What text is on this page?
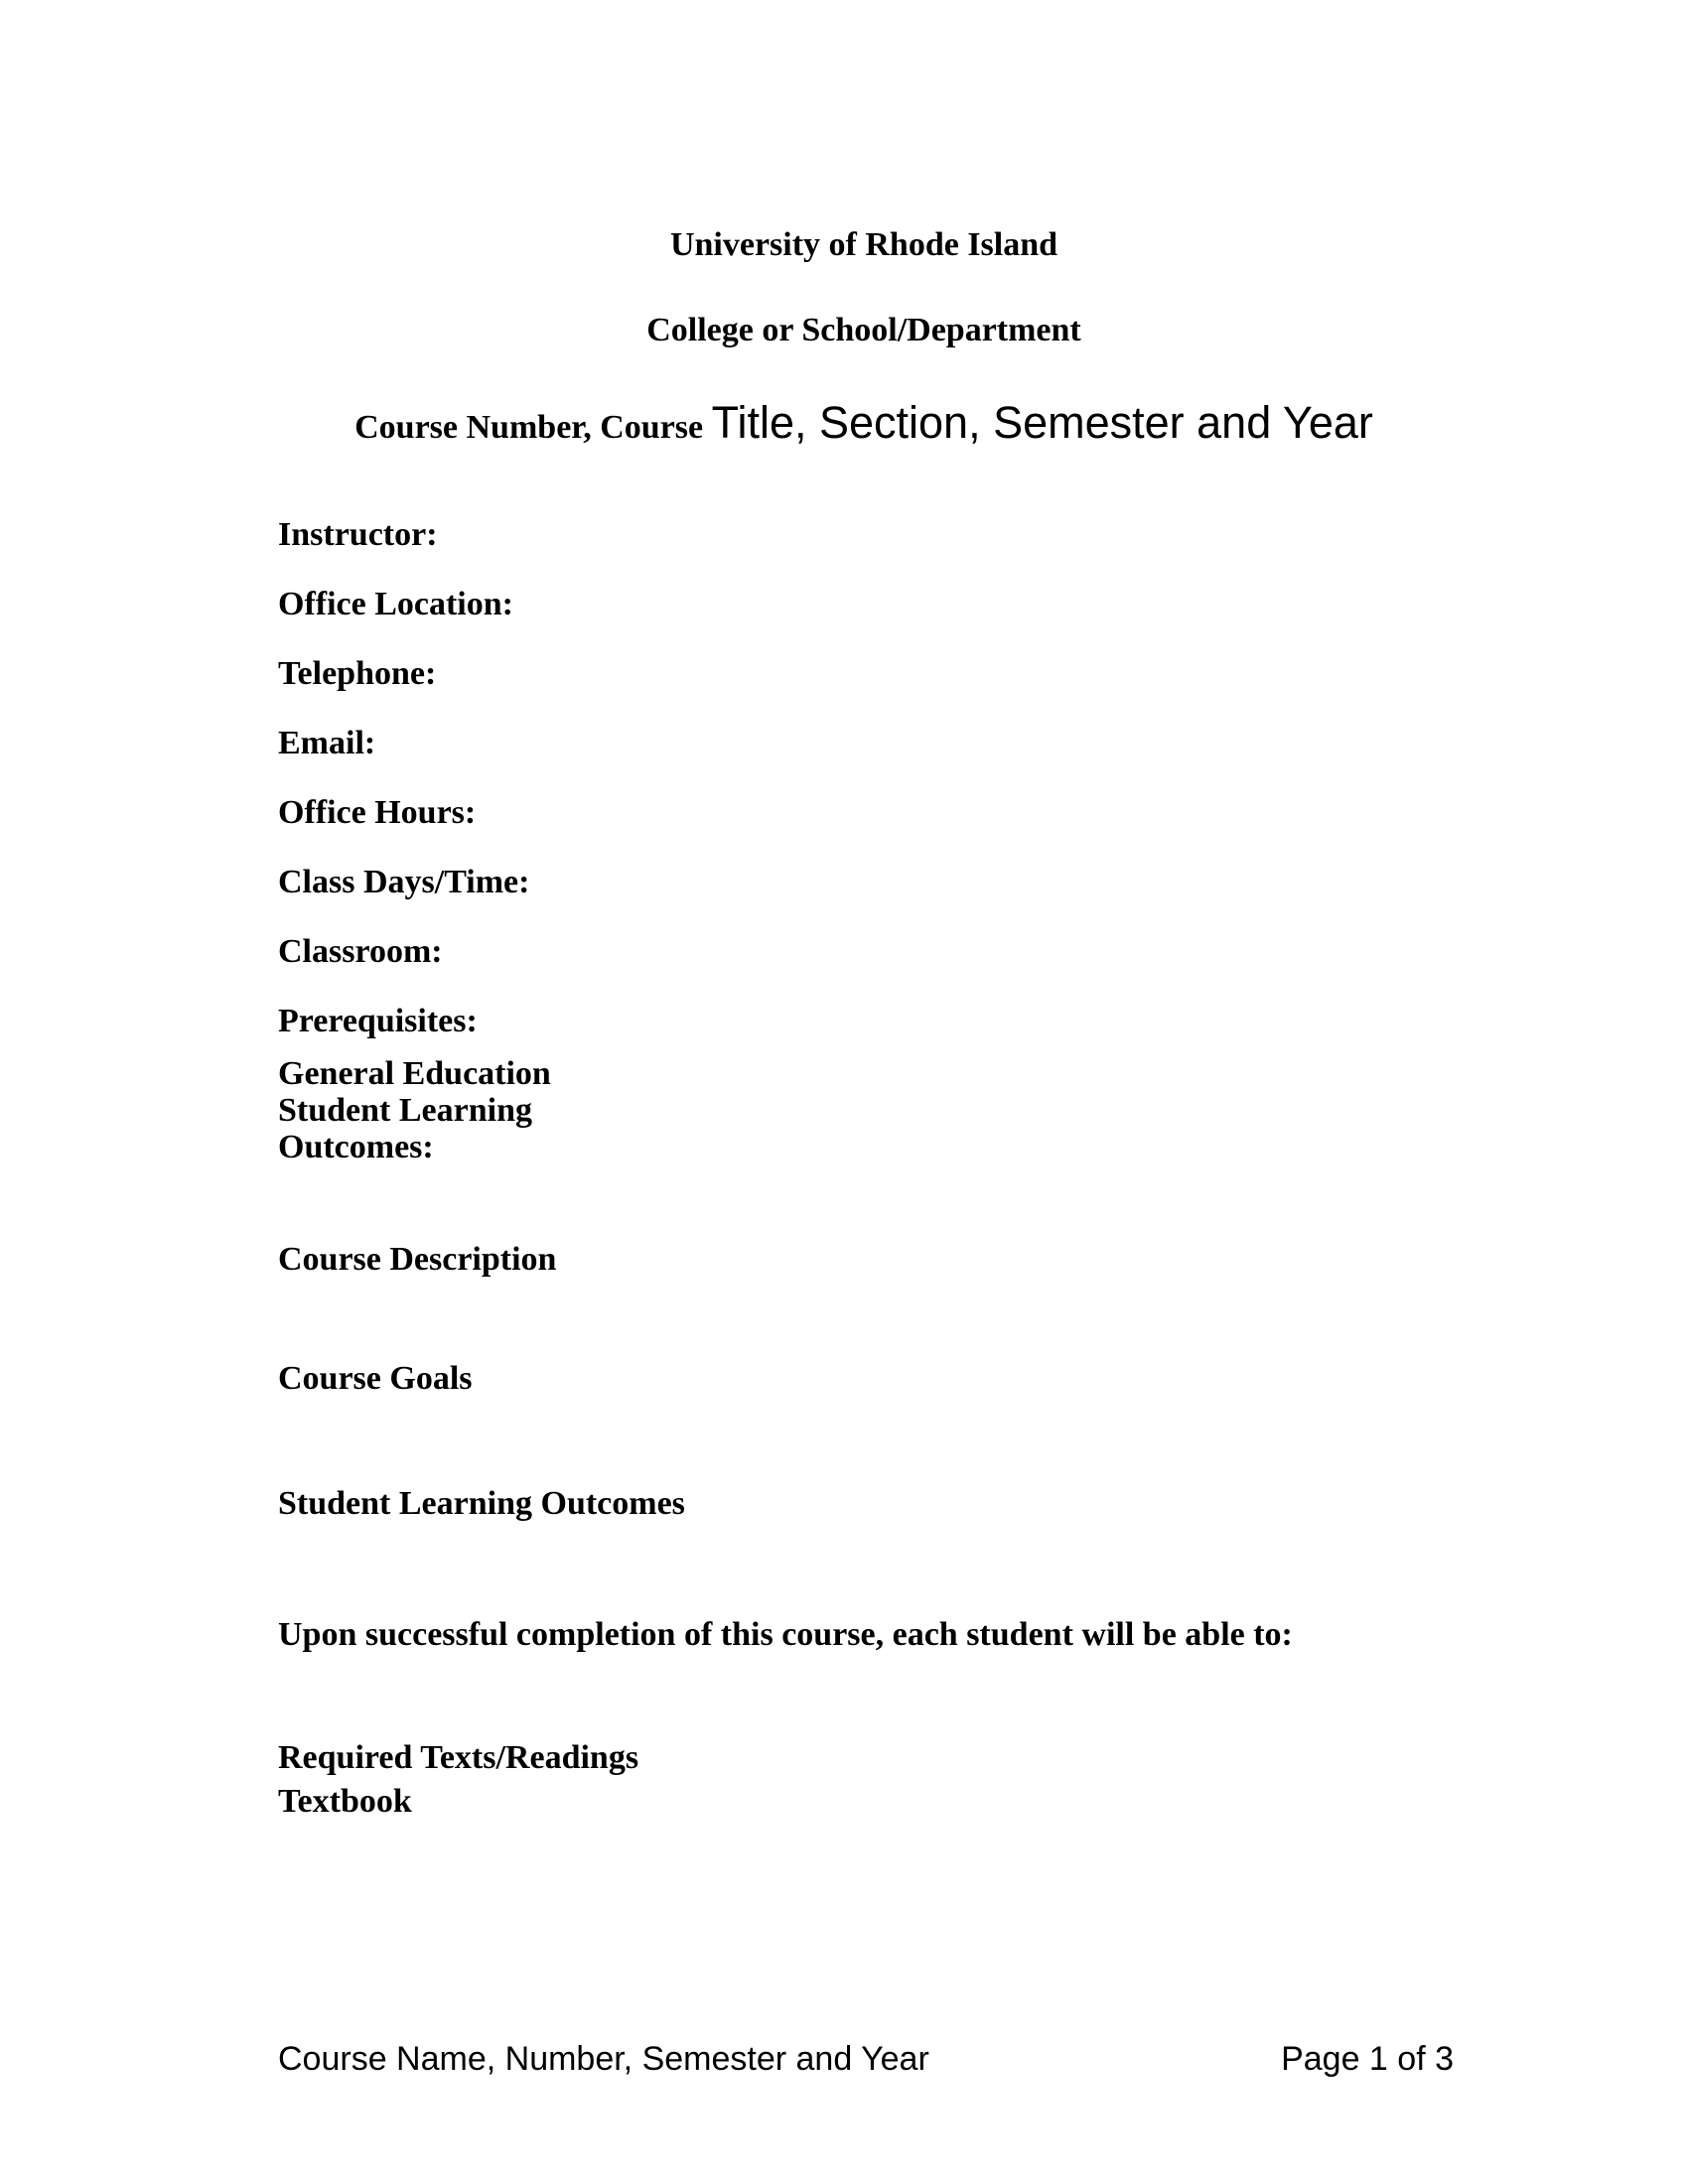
University of Rhode Island
College or School/Department
Course Number, Course Title, Section, Semester and Year
Instructor:
Office Location:
Telephone:
Email:
Office Hours:
Class Days/Time:
Classroom:
Prerequisites:
General Education
Student Learning
Outcomes:
Course Description
Course Goals
Student Learning Outcomes
Upon successful completion of this course, each student will be able to:
Required Texts/Readings
Textbook
Course Name, Number, Semester and Year	Page 1 of 3
